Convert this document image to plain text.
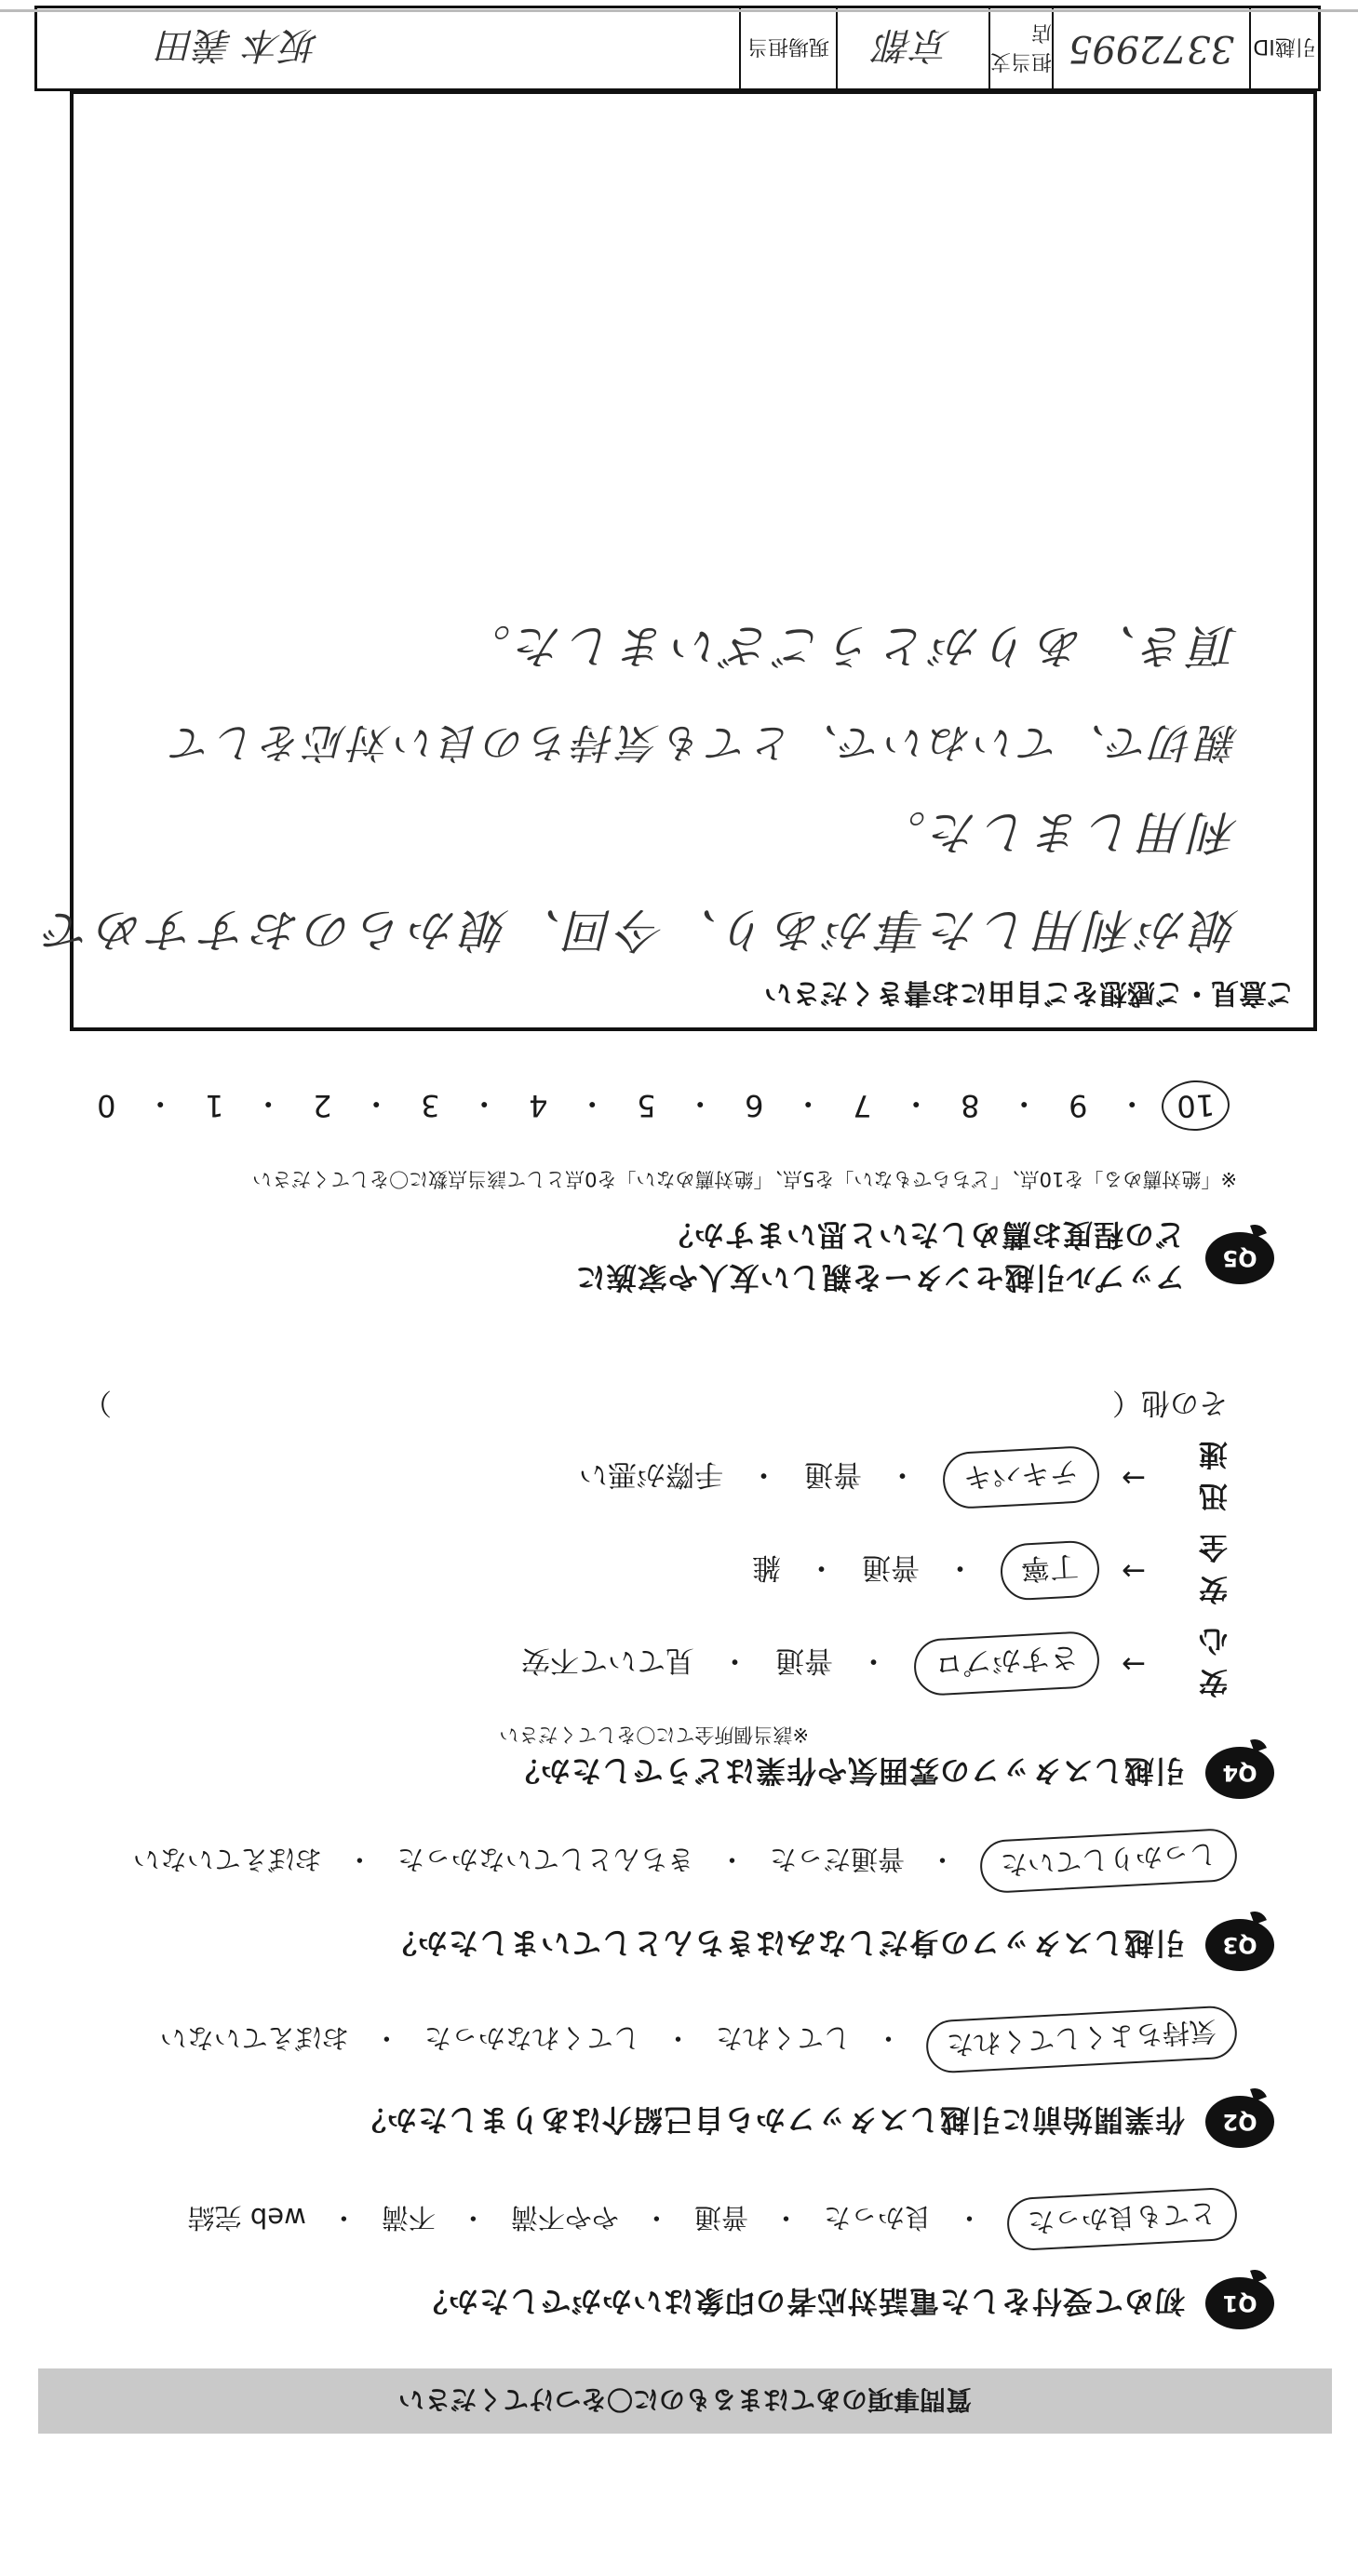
質問事項のあてはまるものに〇をつけてください
Q1
初めて受付をした電話対応者の印象はいかがでしたか？
とても良かった
・
良かった
・
普通
・
やや不満
・
不満
・
web 完結
Q2
作業開始前に引越しスタッフから自己紹介はありましたか？
気持ちよくしてくれた
・
してくれた
・
してくれなかった
・
おぼえていない
Q3
引越しスタッフの身だしなみはきちんとしていましたか？
しっかりしていた
・
普通だった
・
きちんとしていなかった
・
おぼえていない
Q4
引越しスタッフの雰囲気や作業はどうでしたか？
※該当個所全てに〇をしてください
安心
→
さすがプロ
・
普通
・
見ていて不安
安全
→
丁寧
・
普通
・
雑
迅速
→
テキパキ
・
普通
・
手際が悪い
その他（
）
Q5
アップル引越センターを親しい友人や家族に
どの程度お薦めしたいと思いますか？
※「絶対薦める」を10点、「どちらでもない」を5点、「絶対薦めない」を0点として該当点数に〇をしてください
10
・
9
・
8
・
7
・
6
・
5
・
4
・
3
・
2
・
1
・
0
ご意見・ご感想をご自由にお書きください
娘が利用した事があり、今回、娘からのおすすめで
利用しました。
親切で、ていねいで、とても気持ちの良い対応をして
頂き、ありがとうございました。
引越ID
3372995
担当支店
京都
現場担当
坂本 義田
